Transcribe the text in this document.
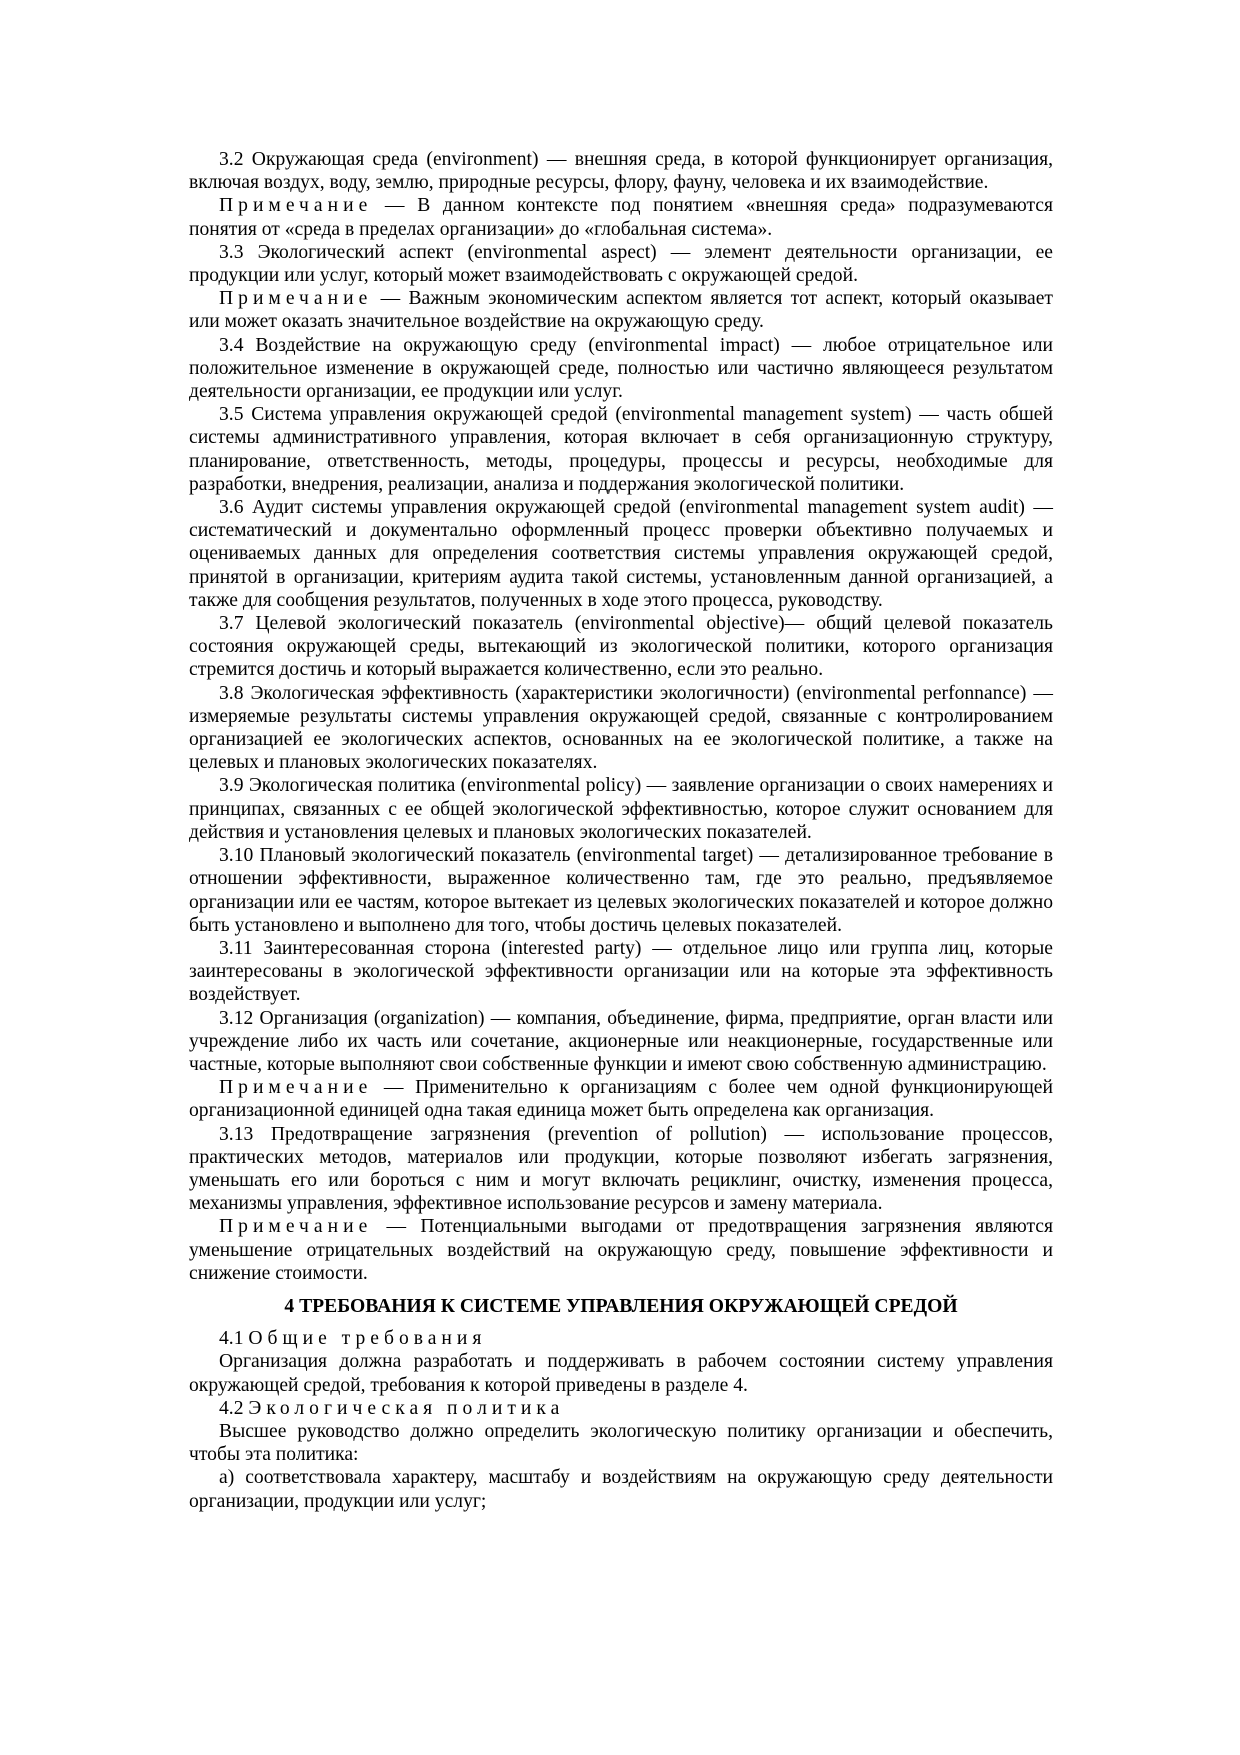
3.2 Окружающая среда (environment) — внешняя среда, в которой функционирует организация, включая воздух, воду, землю, природные ресурсы, флору, фауну, человека и их взаимодействие.

Примечание — В данном контексте под понятием «внешняя среда» подразумеваются понятия от «среда в пределах организации» до «глобальная система».

3.3 Экологический аспект (environmental aspect) — элемент деятельности организации, ее продукции или услуг, который может взаимодействовать с окружающей средой.

Примечание — Важным экономическим аспектом является тот аспект, который оказывает или может оказать значительное воздействие на окружающую среду.

3.4 Воздействие на окружающую среду (environmental impact) — любое отрицательное или положительное изменение в окружающей среде, полностью или частично являющееся результатом деятельности организации, ее продукции или услуг.

3.5 Система управления окружающей средой (environmental management system) — часть обшей системы административного управления, которая включает в себя организационную структуру, планирование, ответственность, методы, процедуры, процессы и ресурсы, необходимые для разработки, внедрения, реализации, анализа и поддержания экологической политики.

3.6 Аудит системы управления окружающей средой (environmental management system audit) — систематический и документально оформленный процесс проверки объективно получаемых и оцениваемых данных для определения соответствия системы управления окружающей средой, принятой в организации, критериям аудита такой системы, установленным данной организацией, а также для сообщения результатов, полученных в ходе этого процесса, руководству.

3.7 Целевой экологический показатель (environmental objective)— общий целевой показатель состояния окружающей среды, вытекающий из экологической политики, которого организация стремится достичь и который выражается количественно, если это реально.

3.8 Экологическая эффективность (характеристики экологичности) (environmental perfonnance) — измеряемые результаты системы управления окружающей средой, связанные с контролированием организацией ее экологических аспектов, основанных на ее экологической политике, а также на целевых и плановых экологических показателях.

3.9 Экологическая политика (environmental policy) — заявление организации о своих намерениях и принципах, связанных с ее общей экологической эффективностью, которое служит основанием для действия и установления целевых и плановых экологических показателей.

3.10 Плановый экологический показатель (environmental target) — детализированное требование в отношении эффективности, выраженное количественно там, где это реально, предъявляемое организации или ее частям, которое вытекает из целевых экологических показателей и которое должно быть установлено и выполнено для того, чтобы достичь целевых показателей.

3.11 Заинтересованная сторона (interested party) — отдельное лицо или группа лиц, которые заинтересованы в экологической эффективности организации или на которые эта эффективность воздействует.

3.12 Организация (organization) — компания, объединение, фирма, предприятие, орган власти или учреждение либо их часть или сочетание, акционерные или неакционерные, государственные или частные, которые выполняют свои собственные функции и имеют свою собственную администрацию.

Примечание — Применительно к организациям с более чем одной функционирующей организационной единицей одна такая единица может быть определена как организация.

3.13 Предотвращение загрязнения (prevention of pollution) — использование процессов, практических методов, материалов или продукции, которые позволяют избегать загрязнения, уменьшать его или бороться с ним и могут включать рециклинг, очистку, изменения процесса, механизмы управления, эффективное использование ресурсов и замену материала.

Примечание — Потенциальными выгодами от предотвращения загрязнения являются уменьшение отрицательных воздействий на окружающую среду, повышение эффективности и снижение стоимости.

4 ТРЕБОВАНИЯ К СИСТЕМЕ УПРАВЛЕНИЯ ОКРУЖАЮЩЕЙ СРЕДОЙ

4.1 Общие требования

Организация должна разработать и поддерживать в рабочем состоянии систему управления окружающей средой, требования к которой приведены в разделе 4.

4.2 Экологическая политика

Высшее руководство должно определить экологическую политику организации и обеспечить, чтобы эта политика:

а) соответствовала характеру, масштабу и воздействиям на окружающую среду деятельности организации, продукции или услуг;
